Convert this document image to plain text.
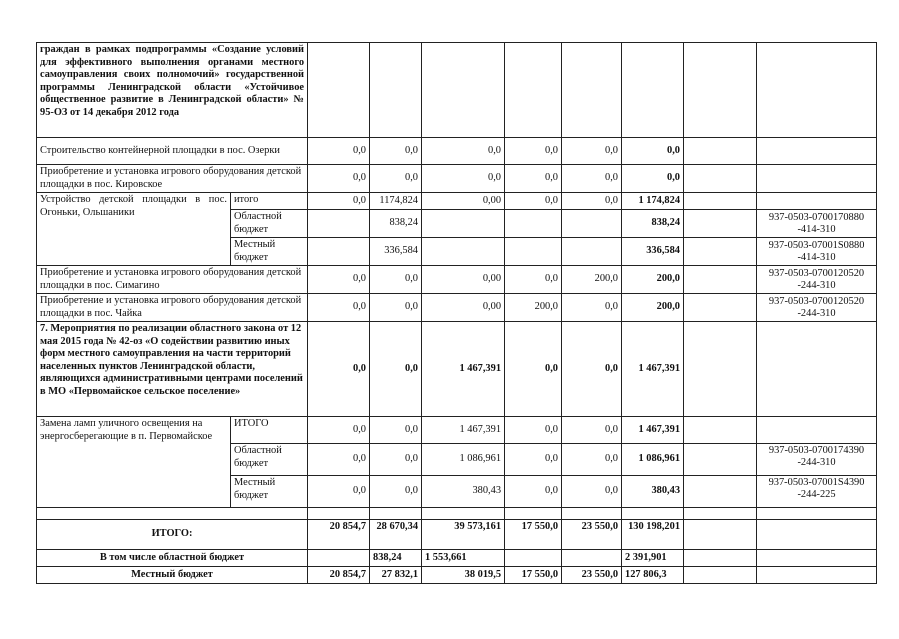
граждан в рамках подпрограммы «Создание условий для эффективного выполнения органами местного самоуправления своих полномочий» государственной программы Ленинградской области «Устойчивое общественное развитие в Ленинградской области» № 95-ОЗ от 14 декабря 2012 года									
Строительство контейнерной площадки в пос. Озерки		0,0	0,0	0,0	0,0	0,0	0,0		
Приобретение и установка игрового оборудования детской площадки в пос. Кировское		0,0	0,0	0,0	0,0	0,0	0,0		
Устройство детской площадки в пос. Огоньки, Ольшаники	итого	0,0	1174,824	0,00	0,0	0,0	1 174,824		
	Областной бюджет		838,24				838,24		937-0503-0700170880 -414-310
	Местный бюджет		336,584				336,584		937-0503-07001S0880 -414-310
Приобретение и установка игрового оборудования детской площадки в пос. Симагино		0,0	0,0	0,00	0,0	200,0	200,0		937-0503-0700120520 -244-310
Приобретение и установка игрового оборудования детской площадки в пос. Чайка		0,0	0,0	0,00	200,0	0,0	200,0		937-0503-0700120520 -244-310
7. Мероприятия по реализации областного закона от 12 мая 2015 года № 42-оз «О содействии развитию иных форм местного самоуправления на части территорий населенных пунктов Ленинградской области, являющихся административными центрами поселений в МО «Первомайское сельское поселение»		0,0	0,0	1 467,391	0,0	0,0	1 467,391		
Замена ламп уличного освещения на энергосберегающие в п. Первомайское	ИТОГО	0,0	0,0	1 467,391	0,0	0,0	1 467,391		
	Областной бюджет	0,0	0,0	1 086,961	0,0	0,0	1 086,961		937-0503-0700174390 -244-310
	Местный бюджет	0,0	0,0	380,43	0,0	0,0	380,43		937-0503-07001S4390 -244-225

ИТОГО:		20 854,7	28 670,34	39 573,161	17 550,0	23 550,0	130 198,201		
В том числе областной бюджет			838,24	1 553,661			2 391,901		
Местный бюджет		20 854,7	27 832,1	38 019,5	17 550,0	23 550,0	127 806,3		
